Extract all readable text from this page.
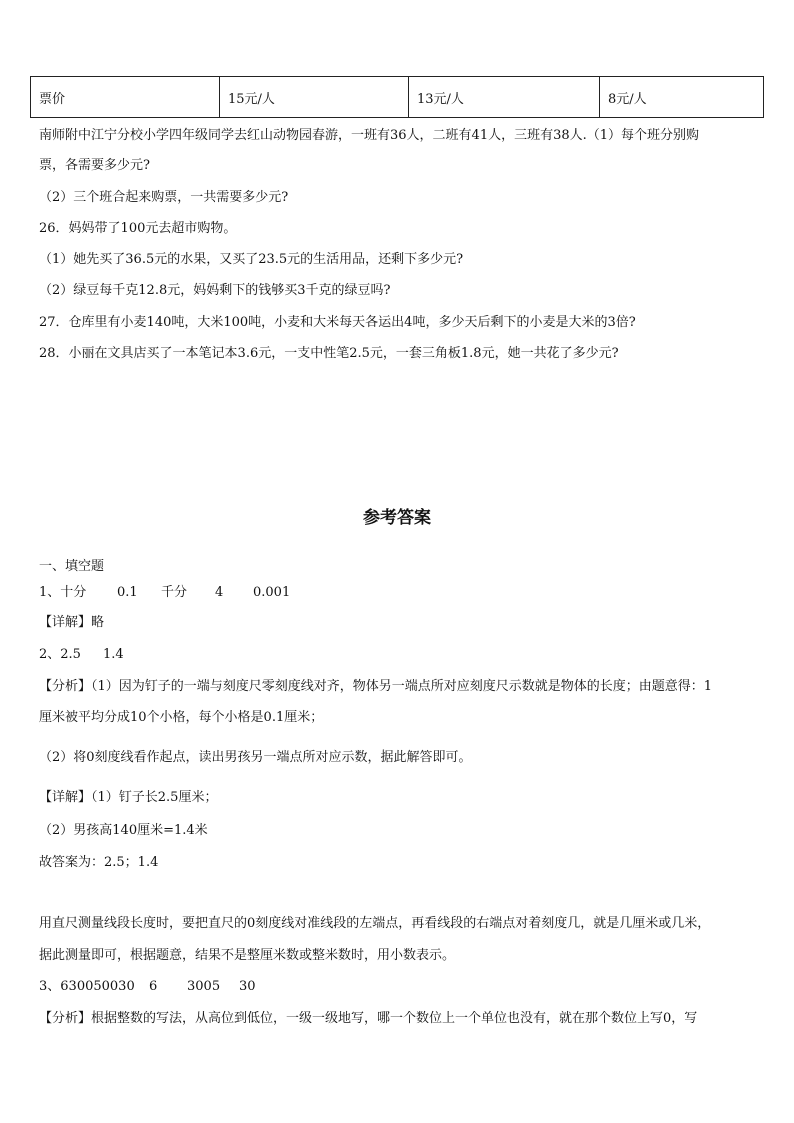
票价	15元/人	13元/人	8元/人
南师附中江宁分校小学四年级同学去红山动物园春游，一班有36人，二班有41人，三班有38人.（1）每个班分别购
票，各需要多少元?
（2）三个班合起来购票，一共需要多少元?
26．妈妈带了100元去超市购物。
（1）她先买了36.5元的水果，又买了23.5元的生活用品，还剩下多少元?
（2）绿豆每千克12.8元，妈妈剩下的钱够买3千克的绿豆吗?
27．仓库里有小麦140吨，大米100吨，小麦和大米每天各运出4吨，多少天后剩下的小麦是大米的3倍?
28．小丽在文具店买了一本笔记本3.6元，一支中性笔2.5元，一套三角板1.8元，她一共花了多少元?
参考答案
一、填空题
1、十分 0.1 千分 4 0.001
【详解】略
2、2.5 1.4
【分析】（1）因为钉子的一端与刻度尺零刻度线对齐，物体另一端点所对应刻度尺示数就是物体的长度；由题意得：1
厘米被平均分成10个小格，每个小格是0.1厘米；
（2）将0刻度线看作起点，读出男孩另一端点所对应示数，据此解答即可。
【详解】（1）钉子长2.5厘米；
（2）男孩高140厘米=1.4米
故答案为：2.5；1.4
用直尺测量线段长度时，要把直尺的0刻度线对准线段的左端点，再看线段的右端点对着刻度几，就是几厘米或几米，
据此测量即可，根据题意，结果不是整厘米数或整米数时，用小数表示。
3、630050030 6 3005 30
【分析】根据整数的写法，从高位到低位，一级一级地写，哪一个数位上一个单位也没有，就在那个数位上写0，写
